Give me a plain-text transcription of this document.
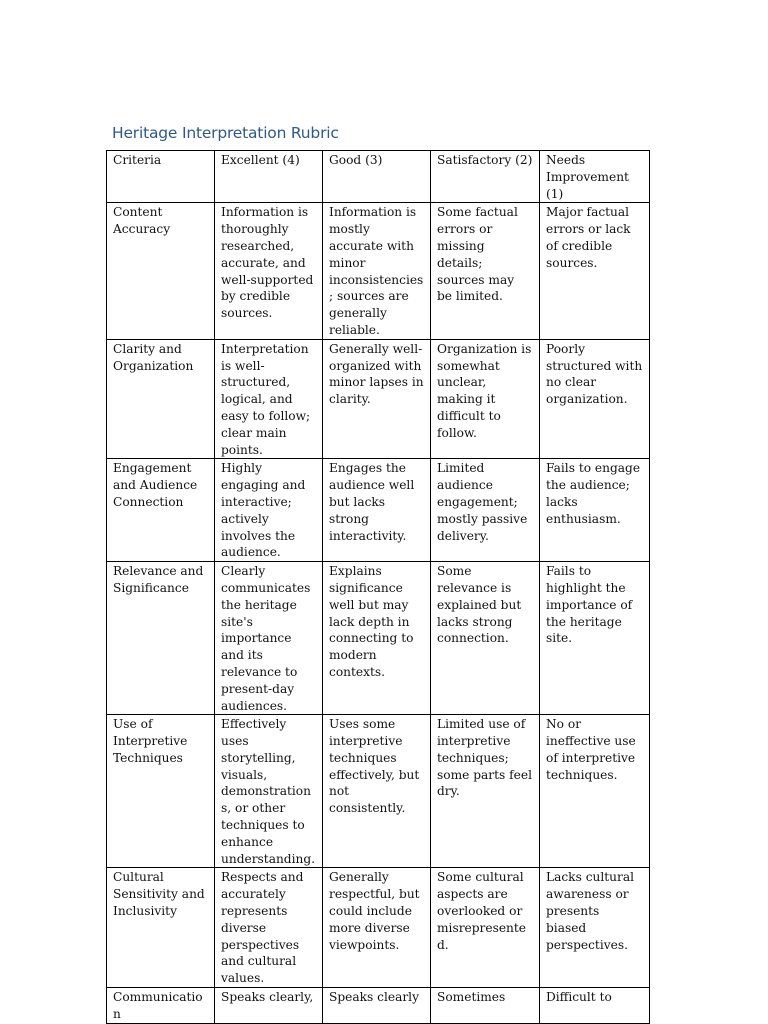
Heritage Interpretation Rubric
Criteria	Excellent (4)	Good (3)	Satisfactory (2)	Needs Improvement (1)
Content Accuracy	Information is thoroughly researched, accurate, and well-supported by credible sources.	Information is mostly accurate with minor inconsistencies; sources are generally reliable.	Some factual errors or missing details; sources may be limited.	Major factual errors or lack of credible sources.
Clarity and Organization	Interpretation is well-structured, logical, and easy to follow; clear main points.	Generally well-organized with minor lapses in clarity.	Organization is somewhat unclear, making it difficult to follow.	Poorly structured with no clear organization.
Engagement and Audience Connection	Highly engaging and interactive; actively involves the audience.	Engages the audience well but lacks strong interactivity.	Limited audience engagement; mostly passive delivery.	Fails to engage the audience; lacks enthusiasm.
Relevance and Significance	Clearly communicates the heritage site's importance and its relevance to present-day audiences.	Explains significance well but may lack depth in connecting to modern contexts.	Some relevance is explained but lacks strong connection.	Fails to highlight the importance of the heritage site.
Use of Interpretive Techniques	Effectively uses storytelling, visuals, demonstrations, or other techniques to enhance understanding.	Uses some interpretive techniques effectively, but not consistently.	Limited use of interpretive techniques; some parts feel dry.	No or ineffective use of interpretive techniques.
Cultural Sensitivity and Inclusivity	Respects and accurately represents diverse perspectives and cultural values.	Generally respectful, but could include more diverse viewpoints.	Some cultural aspects are overlooked or misrepresented.	Lacks cultural awareness or presents biased perspectives.
Communication	Speaks clearly,	Speaks clearly	Sometimes	Difficult to
